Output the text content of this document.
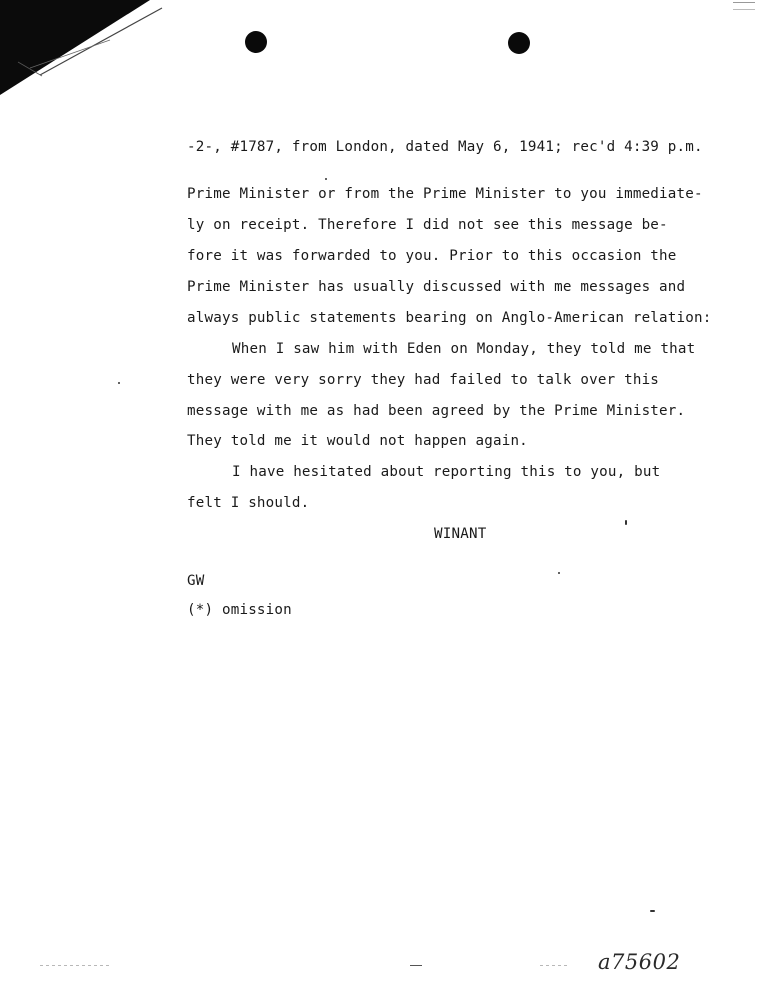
-2-, #1787, from London, dated May 6, 1941; rec'd 4:39 p.m.
Prime Minister or from the Prime Minister to you immediate-
ly on receipt. Therefore I did not see this message be-
fore it was forwarded to you. Prior to this occasion the
Prime Minister has usually discussed with me messages and
always public statements bearing on Anglo-American relation:
When I saw him with Eden on Monday, they told me that
they were very sorry they had failed to talk over this
message with me as had been agreed by the Prime Minister.
They told me it would not happen again.
I have hesitated about reporting this to you, but
felt I should.
WINANT
GW
(*) omission
a75602
